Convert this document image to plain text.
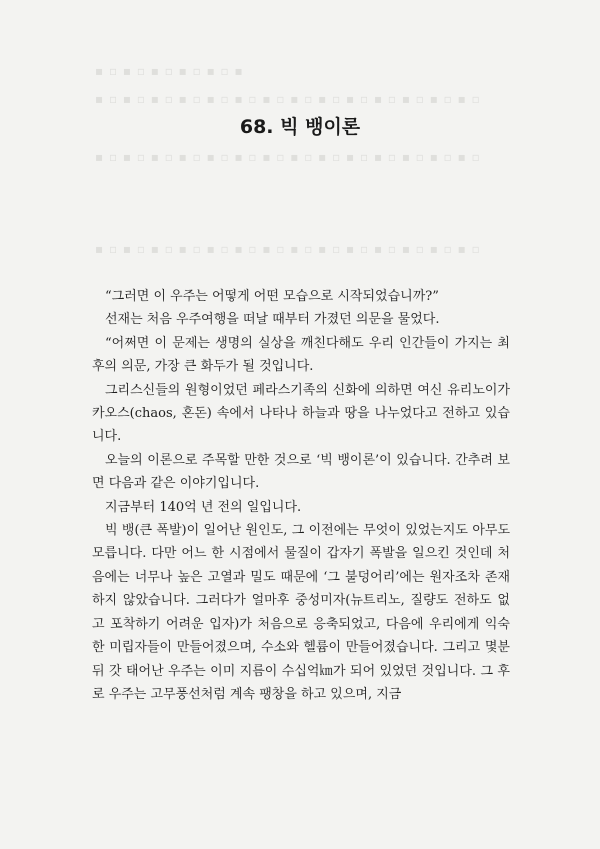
▪ ▫ ▪ ▫ ▪ ▫ ▪ ▫ ▪ ▫ ▪
▪ ▫ ▪ ▫ ▪ ▫ ▪ ▫ ▪ ▫ ▪ ▫ ▪ ▫ ▪ ▫ ▪ ▫ ▪ ▫ ▪ ▫ ▪ ▫ ▪ ▫ ▪ ▫
▪ ▫ ▪ ▫ ▪ ▫ ▪ ▫ ▪ ▫ ▪ ▫ ▪ ▫ ▪ ▫ ▪ ▫ ▪ ▫ ▪ ▫ ▪ ▫ ▪ ▫ ▪ ▫
▪ ▫ ▪ ▫ ▪ ▫ ▪ ▫ ▪ ▫ ▪ ▫ ▪ ▫ ▪ ▫ ▪ ▫ ▪ ▫ ▪ ▫ ▪ ▫ ▪ ▫ ▪ ▫
68. 빅 뱅이론

“그러면 이 우주는 어떻게 어떤 모습으로 시작되었습니까?”

선재는 처음 우주여행을 떠날 때부터 가졌던 의문을 물었다.

“어쩌면 이 문제는 생명의 실상을 깨친다해도 우리 인간들이 가지는 최후의 의문, 가장 큰 화두가 될 것입니다.

그리스신들의 원형이었던 페라스기족의 신화에 의하면 여신 유리노이가 카오스(chaos, 혼돈) 속에서 나타나 하늘과 땅을 나누었다고 전하고 있습니다.

오늘의 이론으로 주목할 만한 것으로 ‘빅 뱅이론’이 있습니다. 간추려 보면 다음과 같은 이야기입니다.

지금부터 140억 년 전의 일입니다.

빅 뱅(큰 폭발)이 일어난 원인도, 그 이전에는 무엇이 있었는지도 아무도 모릅니다. 다만 어느 한 시점에서 물질이 갑자기 폭발을 일으킨 것인데 처음에는 너무나 높은 고열과 밀도 때문에 ‘그 불덩어리’에는 원자조차 존재하지 않았습니다. 그러다가 얼마후 중성미자(뉴트리노, 질량도 전하도 없고 포착하기 어려운 입자)가 처음으로 응축되었고, 다음에 우리에게 익숙한 미립자들이 만들어졌으며, 수소와 헬륨이 만들어졌습니다. 그리고 몇분 뒤 갓 태어난 우주는 이미 지름이 수십억㎞가 되어 있었던 것입니다. 그 후로 우주는 고무풍선처럼 계속 팽창을 하고 있으며, 지금
